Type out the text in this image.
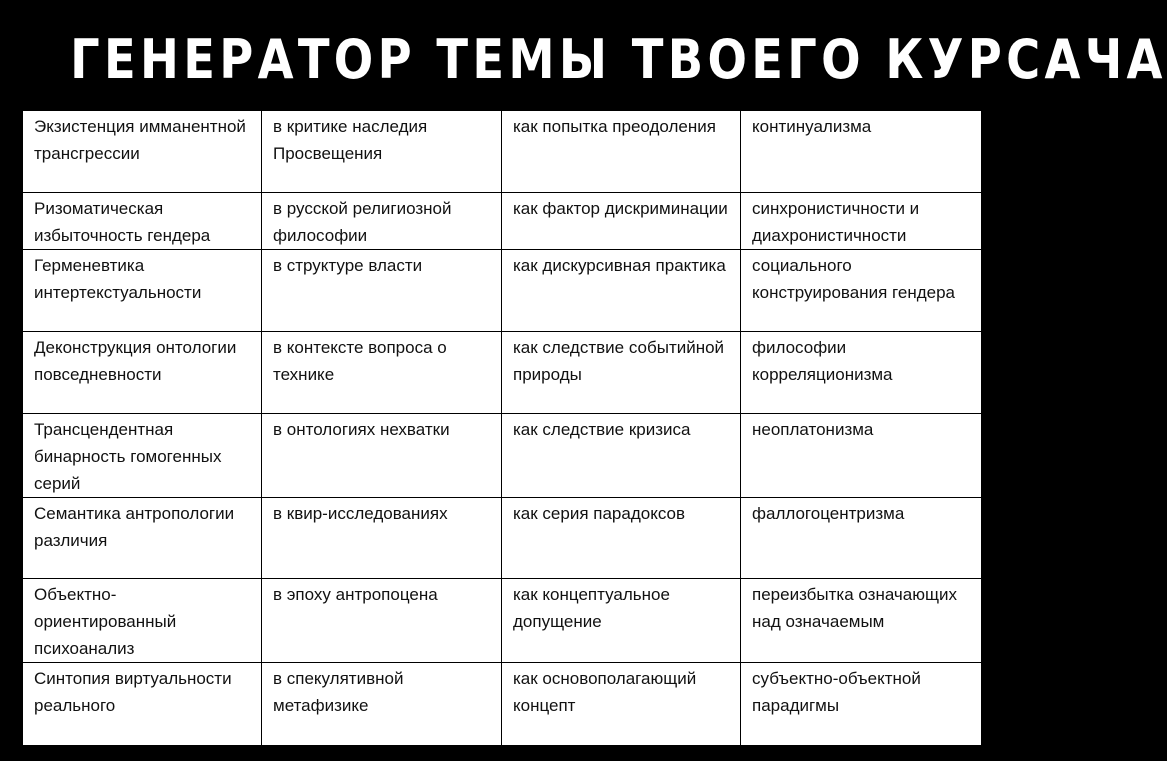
ГЕНЕРАТОР ТЕМЫ ТВОЕГО КУРСАЧА
Экзистенция имманентной трансгрессии	в критике наследия Просвещения	как попытка преодоления	континуализма
Ризоматическая избыточность гендера	в русской религиозной философии	как фактор дискриминации	синхронистичности и диахронистичности
Герменевтика интертекстуальности	в структуре власти	как дискурсивная практика	социального конструирования гендера
Деконструкция онтологии повседневности	в контексте вопроса о технике	как следствие событийной природы	философии корреляционизма
Трансцендентная бинарность гомогенных серий	в онтологиях нехватки	как следствие кризиса	неоплатонизма
Семантика антропологии различия	в квир-исследованиях	как серия парадоксов	фаллогоцентризма
Объектно-ориентированный психоанализ	в эпоху антропоцена	как концептуальное допущение	переизбытка означающих над означаемым
Синтопия виртуальности реального	в спекулятивной метафизике	как основополагающий концепт	субъектно-объектной парадигмы
